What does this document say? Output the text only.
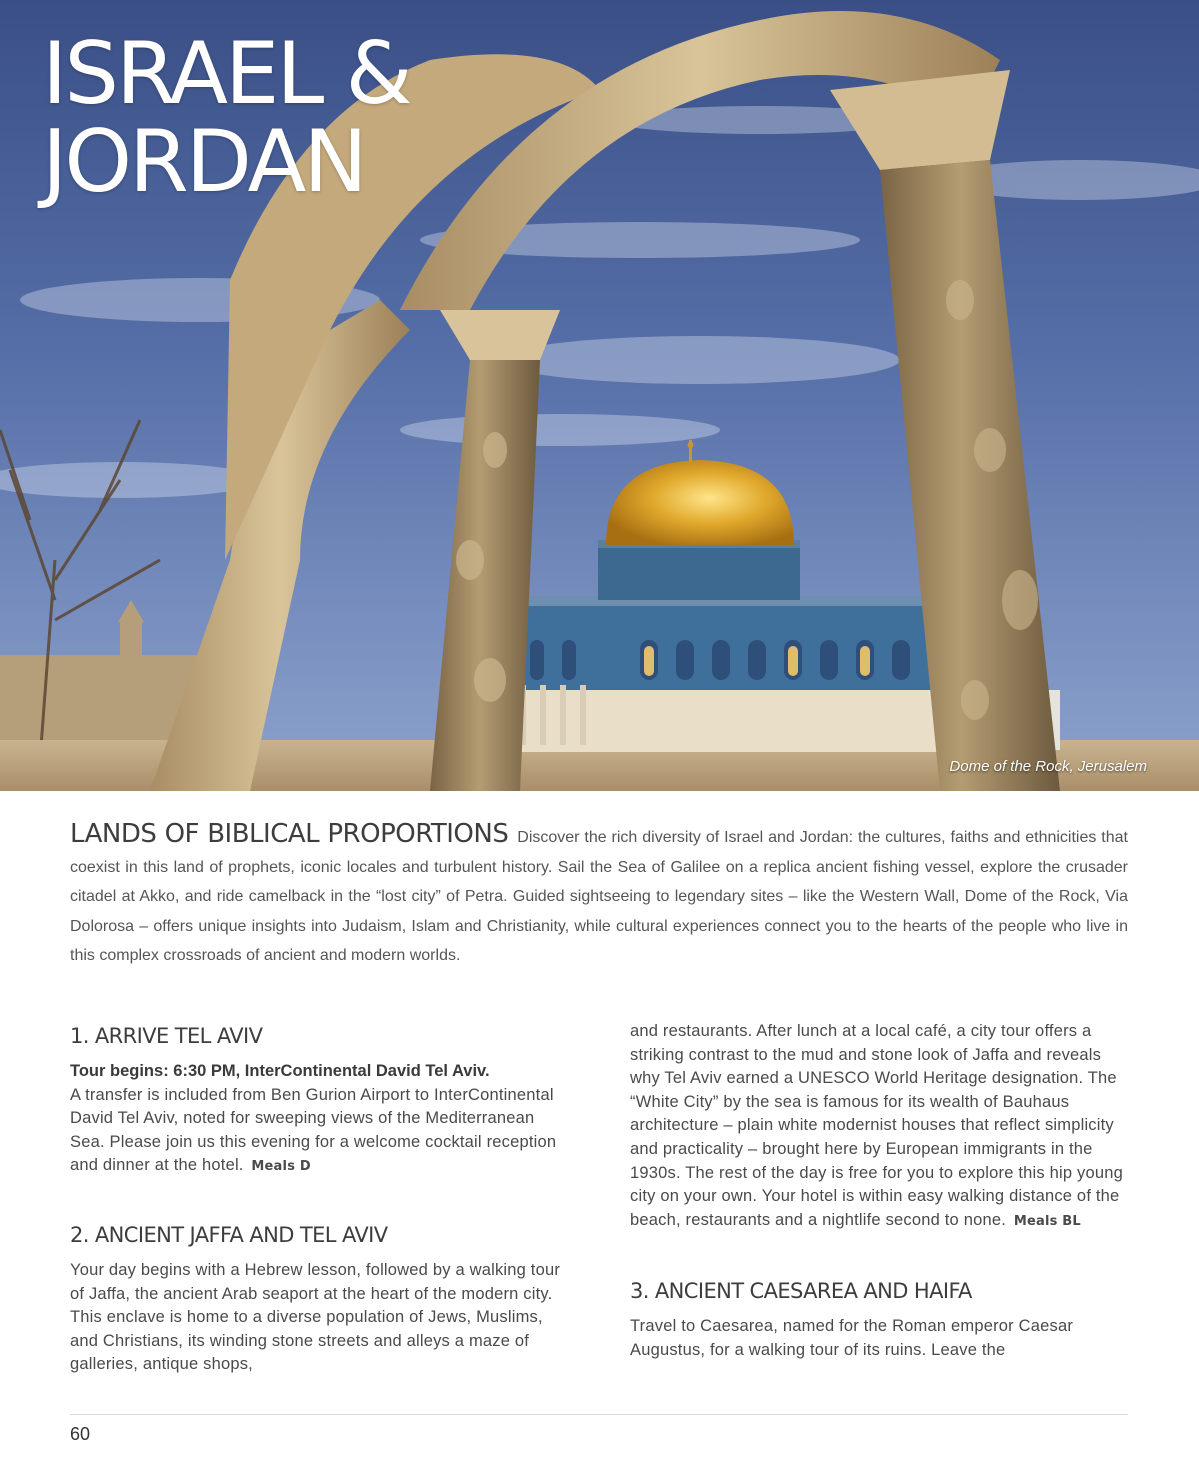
ISRAEL &
JORDAN
Dome of the Rock, Jerusalem

LANDS OF BIBLICAL PROPORTIONS Discover the rich diversity of Israel and Jordan: the cultures, faiths and ethnicities that coexist in this land of prophets, iconic locales and turbulent history. Sail the Sea of Galilee on a replica ancient fishing vessel, explore the crusader citadel at Akko, and ride camelback in the “lost city” of Petra. Guided sightseeing to legendary sites – like the Western Wall, Dome of the Rock, Via Dolorosa – offers unique insights into Judaism, Islam and Christianity, while cultural experiences connect you to the hearts of the people who live in this complex crossroads of ancient and modern worlds.

1. ARRIVE TEL AVIV

Tour begins: 6:30 PM, InterContinental David Tel Aviv.
A transfer is included from Ben Gurion Airport to InterContinental David Tel Aviv, noted for sweeping views of the Mediterranean Sea. Please join us this evening for a welcome cocktail reception and dinner at the hotel. Meals D

2. ANCIENT JAFFA AND TEL AVIV

Your day begins with a Hebrew lesson, followed by a walking tour of Jaffa, the ancient Arab seaport at the heart of the modern city. This enclave is home to a diverse population of Jews, Muslims, and Christians, its winding stone streets and alleys a maze of galleries, antique shops,

and restaurants. After lunch at a local café, a city tour offers a striking contrast to the mud and stone look of Jaffa and reveals why Tel Aviv earned a UNESCO World Heritage designation. The “White City” by the sea is famous for its wealth of Bauhaus architecture – plain white modernist houses that reflect simplicity and practicality – brought here by European immigrants in the 1930s. The rest of the day is free for you to explore this hip young city on your own. Your hotel is within easy walking distance of the beach, restaurants and a nightlife second to none. Meals BL

3. ANCIENT CAESAREA AND HAIFA

Travel to Caesarea, named for the Roman emperor Caesar Augustus, for a walking tour of its ruins. Leave the

60
